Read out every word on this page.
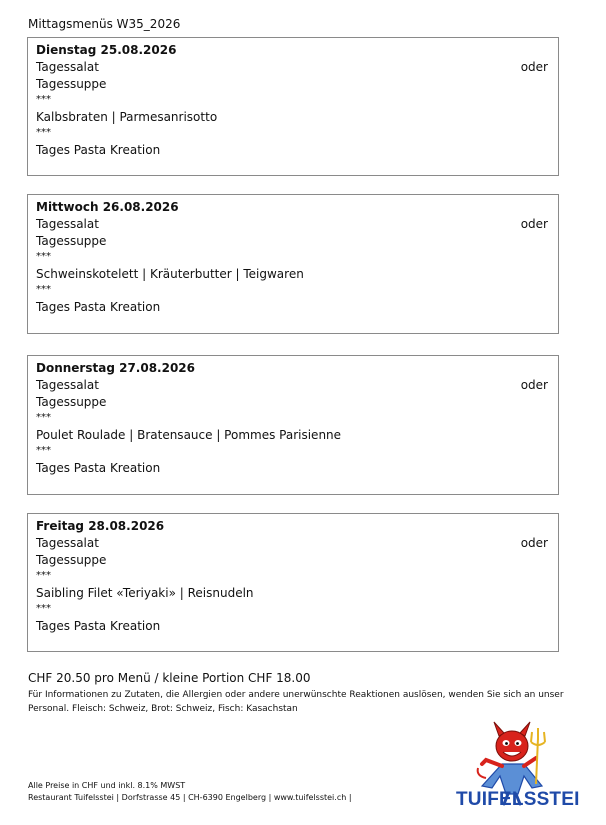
Mittagsmenüs W35_2026
Dienstag 25.08.2026
Tagessalat	oder
Tagessuppe
***
Kalbsbraten | Parmesanrisotto
***
Tages Pasta Kreation
Mittwoch 26.08.2026
Tagessalat	oder
Tagessuppe
***
Schweinskotelett | Kräuterbutter | Teigwaren
***
Tages Pasta Kreation
Donnerstag 27.08.2026
Tagessalat	oder
Tagessuppe
***
Poulet Roulade | Bratensauce | Pommes Parisienne
***
Tages Pasta Kreation
Freitag 28.08.2026
Tagessalat	oder
Tagessuppe
***
Saibling Filet «Teriyaki» | Reisnudeln
***
Tages Pasta Kreation
CHF 20.50 pro Menü / kleine Portion CHF 18.00
Für Informationen zu Zutaten, die Allergien oder andere unerwünschte Reaktionen auslösen, wenden Sie sich an unser
Personal. Fleisch: Schweiz, Brot: Schweiz, Fisch: Kasachstan
Alle Preise in CHF und inkl. 8.1% MWST
Restaurant Tuifelsstei | Dorfstrasse 45 | CH-6390 Engelberg | www.tuifelsstei.ch |	TUIFELSSTEI
